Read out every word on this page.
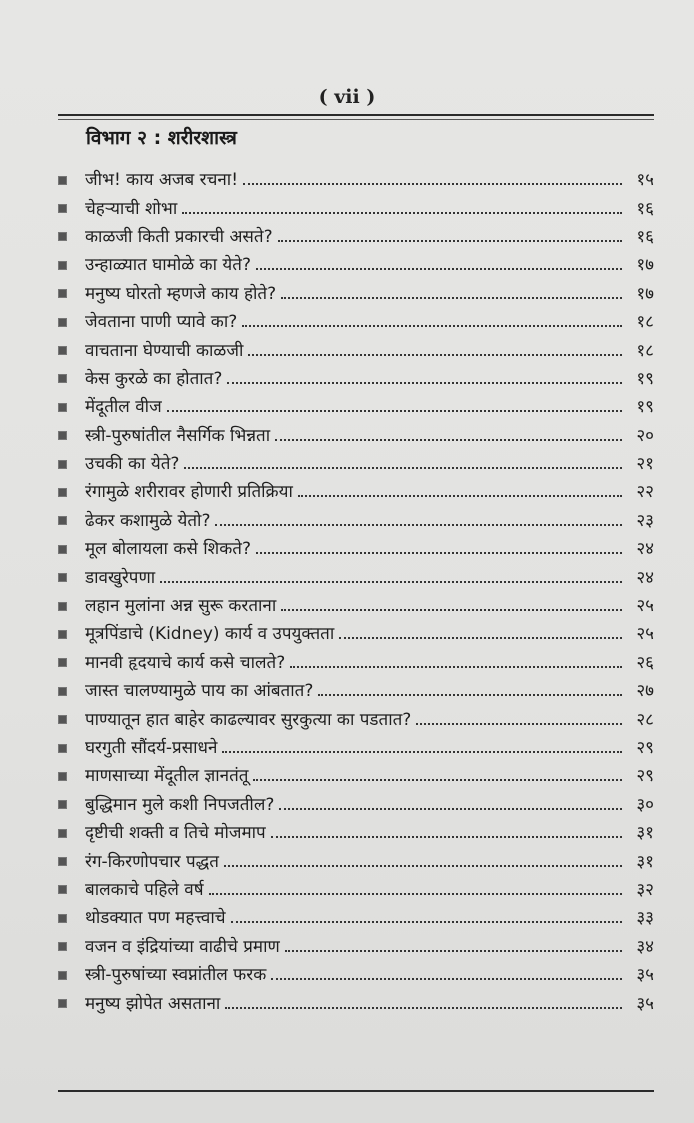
( vii )
विभाग २ : शरीरशास्त्र
जीभ! काय अजब रचना!	१५
चेहऱ्याची शोभा	१६
काळजी किती प्रकारची असते?	१६
उन्हाळ्यात घामोळे का येते?	१७
मनुष्य घोरतो म्हणजे काय होते?	१७
जेवताना पाणी प्यावे का?	१८
वाचताना घेण्याची काळजी	१८
केस कुरळे का होतात?	१९
मेंदूतील वीज	१९
स्त्री-पुरुषांतील नैसर्गिक भिन्नता	२०
उचकी का येते?	२१
रंगामुळे शरीरावर होणारी प्रतिक्रिया	२२
ढेकर कशामुळे येतो?	२३
मूल बोलायला कसे शिकते?	२४
डावखुरेपणा	२४
लहान मुलांना अन्न सुरू करताना	२५
मूत्रपिंडाचे (Kidney) कार्य व उपयुक्तता	२५
मानवी हृदयाचे कार्य कसे चालते?	२६
जास्त चालण्यामुळे पाय का आंबतात?	२७
पाण्यातून हात बाहेर काढल्यावर सुरकुत्या का पडतात?	२८
घरगुती सौंदर्य-प्रसाधने	२९
माणसाच्या मेंदूतील ज्ञानतंतू	२९
बुद्धिमान मुले कशी निपजतील?	३०
दृष्टीची शक्ती व तिचे मोजमाप	३१
रंग-किरणोपचार पद्धत	३१
बालकाचे पहिले वर्ष	३२
थोडक्यात पण महत्त्वाचे	३३
वजन व इंद्रियांच्या वाढीचे प्रमाण	३४
स्त्री-पुरुषांच्या स्वप्नांतील फरक	३५
मनुष्य झोपेत असताना	३५
